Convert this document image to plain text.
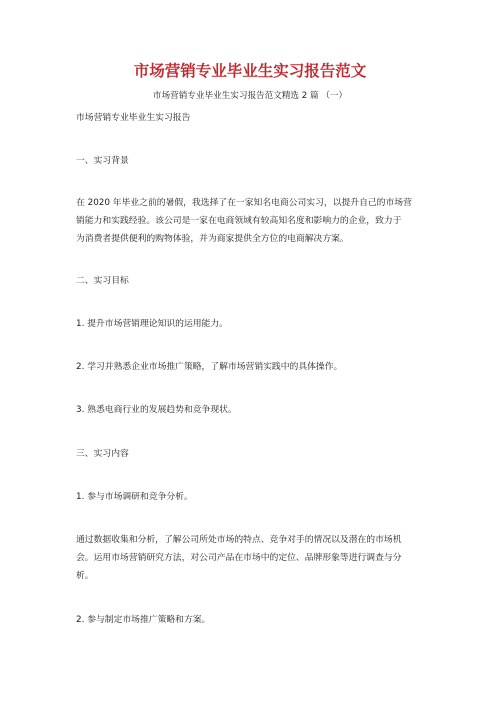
市场营销专业毕业生实习报告范文
市场营销专业毕业生实习报告范文精选 2 篇 （一）

市场营销专业毕业生实习报告

一、实习背景

在 2020 年毕业之前的暑假，我选择了在一家知名电商公司实习，以提升自己的市场营

销能力和实践经验。该公司是一家在电商领域有较高知名度和影响力的企业，致力于

为消费者提供便利的购物体验，并为商家提供全方位的电商解决方案。

二、实习目标

1. 提升市场营销理论知识的运用能力。

2. 学习并熟悉企业市场推广策略，了解市场营销实践中的具体操作。

3. 熟悉电商行业的发展趋势和竞争现状。

三、实习内容

1. 参与市场调研和竞争分析。

通过数据收集和分析，了解公司所处市场的特点、竞争对手的情况以及潜在的市场机

会。运用市场营销研究方法，对公司产品在市场中的定位、品牌形象等进行调查与分

析。

2. 参与制定市场推广策略和方案。
